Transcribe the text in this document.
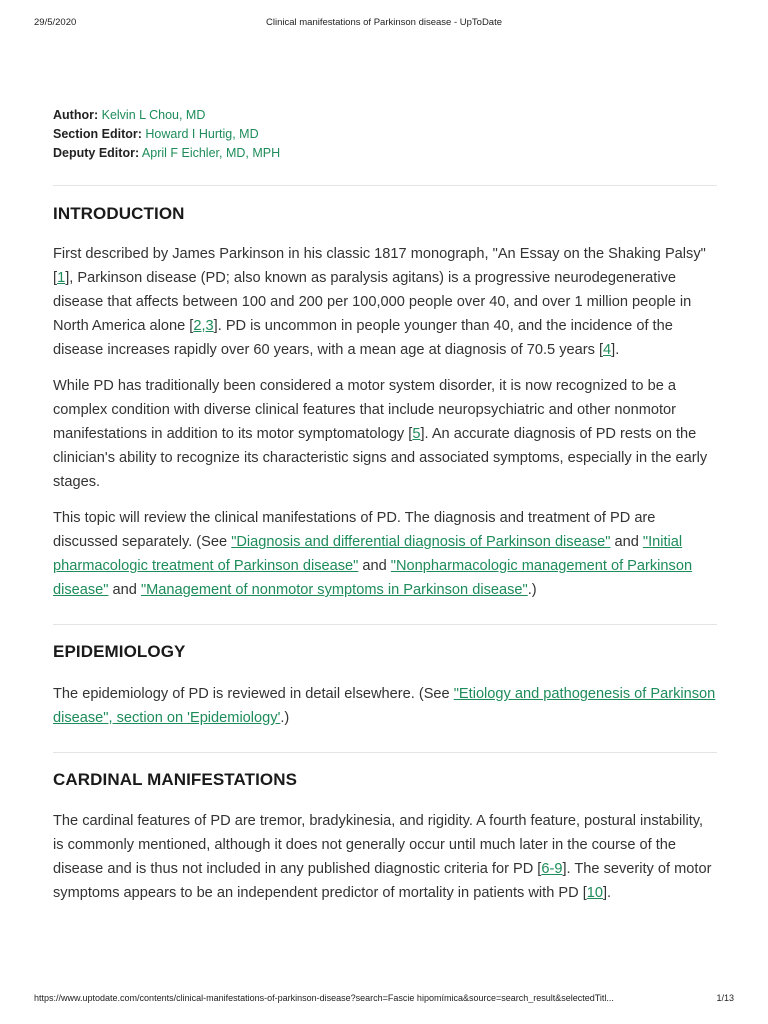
29/5/2020	Clinical manifestations of Parkinson disease - UpToDate
Author: Kelvin L Chou, MD
Section Editor: Howard I Hurtig, MD
Deputy Editor: April F Eichler, MD, MPH
INTRODUCTION

First described by James Parkinson in his classic 1817 monograph, "An Essay on the Shaking Palsy" [1], Parkinson disease (PD; also known as paralysis agitans) is a progressive neurodegenerative disease that affects between 100 and 200 per 100,000 people over 40, and over 1 million people in North America alone [2,3]. PD is uncommon in people younger than 40, and the incidence of the disease increases rapidly over 60 years, with a mean age at diagnosis of 70.5 years [4].

While PD has traditionally been considered a motor system disorder, it is now recognized to be a complex condition with diverse clinical features that include neuropsychiatric and other nonmotor manifestations in addition to its motor symptomatology [5]. An accurate diagnosis of PD rests on the clinician's ability to recognize its characteristic signs and associated symptoms, especially in the early stages.

This topic will review the clinical manifestations of PD. The diagnosis and treatment of PD are discussed separately. (See "Diagnosis and differential diagnosis of Parkinson disease" and "Initial pharmacologic treatment of Parkinson disease" and "Nonpharmacologic management of Parkinson disease" and "Management of nonmotor symptoms in Parkinson disease".)

EPIDEMIOLOGY

The epidemiology of PD is reviewed in detail elsewhere. (See "Etiology and pathogenesis of Parkinson disease", section on 'Epidemiology'.)

CARDINAL MANIFESTATIONS

The cardinal features of PD are tremor, bradykinesia, and rigidity. A fourth feature, postural instability, is commonly mentioned, although it does not generally occur until much later in the course of the disease and is thus not included in any published diagnostic criteria for PD [6-9]. The severity of motor symptoms appears to be an independent predictor of mortality in patients with PD [10].

https://www.uptodate.com/contents/clinical-manifestations-of-parkinson-disease?search=Fascie hipomímica&source=search_result&selectedTitl...	1/13
